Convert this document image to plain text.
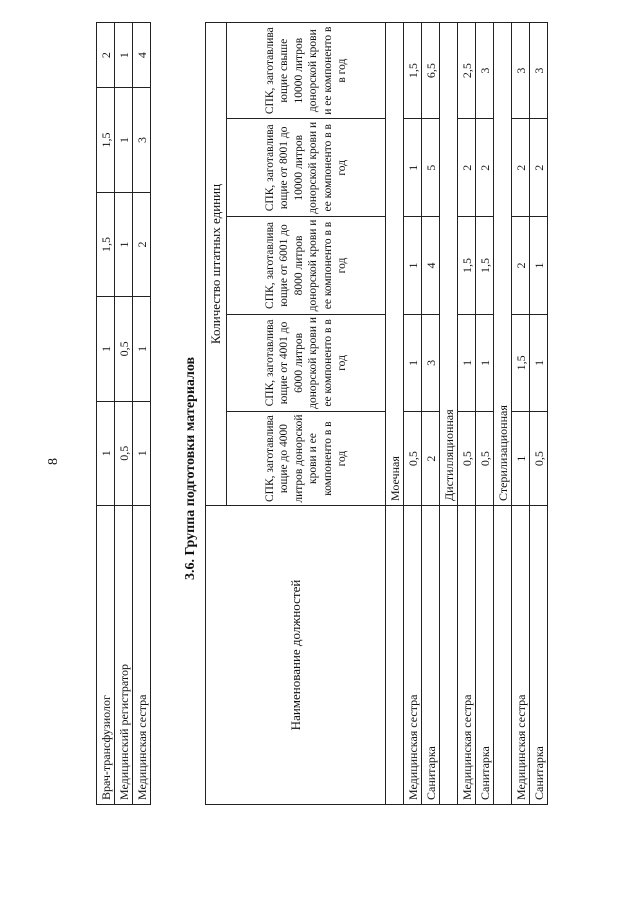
8
Врач-трансфузиолог	1	1	1,5	1,5	2
Медицинский регистратор	0,5	0,5	1	1	1
Медицинская сестра	1	1	2	3	4
3.6. Группа подготовки материалов
Наименование должностей	Количество штатных единиц				
	СПК, заготавлива ющие до 4000 литров донорской крови и ее компоненто в в год	СПК, заготавлива ющие от 4001 до 6000 литров донорской крови и ее компоненто в в год	СПК, заготавлива ющие от 6001 до 8000 литров донорской крови и ее компоненто в в год	СПК, заготавлива ющие от 8001 до 10000 литров донорской крови и ее компоненто в в год	СПК, заготавлива ющие свыше 10000 литров донорской крови и ее компоненто в в год
	Моечная				
Медицинская сестра	0,5	1	1	1	1,5
Санитарка	2	3	4	5	6,5
	Дистилляционная				
Медицинская сестра	0,5	1	1,5	2	2,5
Санитарка	0,5	1	1,5	2	3
	Стерилизационная				
Медицинская сестра	1	1,5	2	2	3
Санитарка	0,5	1	1	2	3
